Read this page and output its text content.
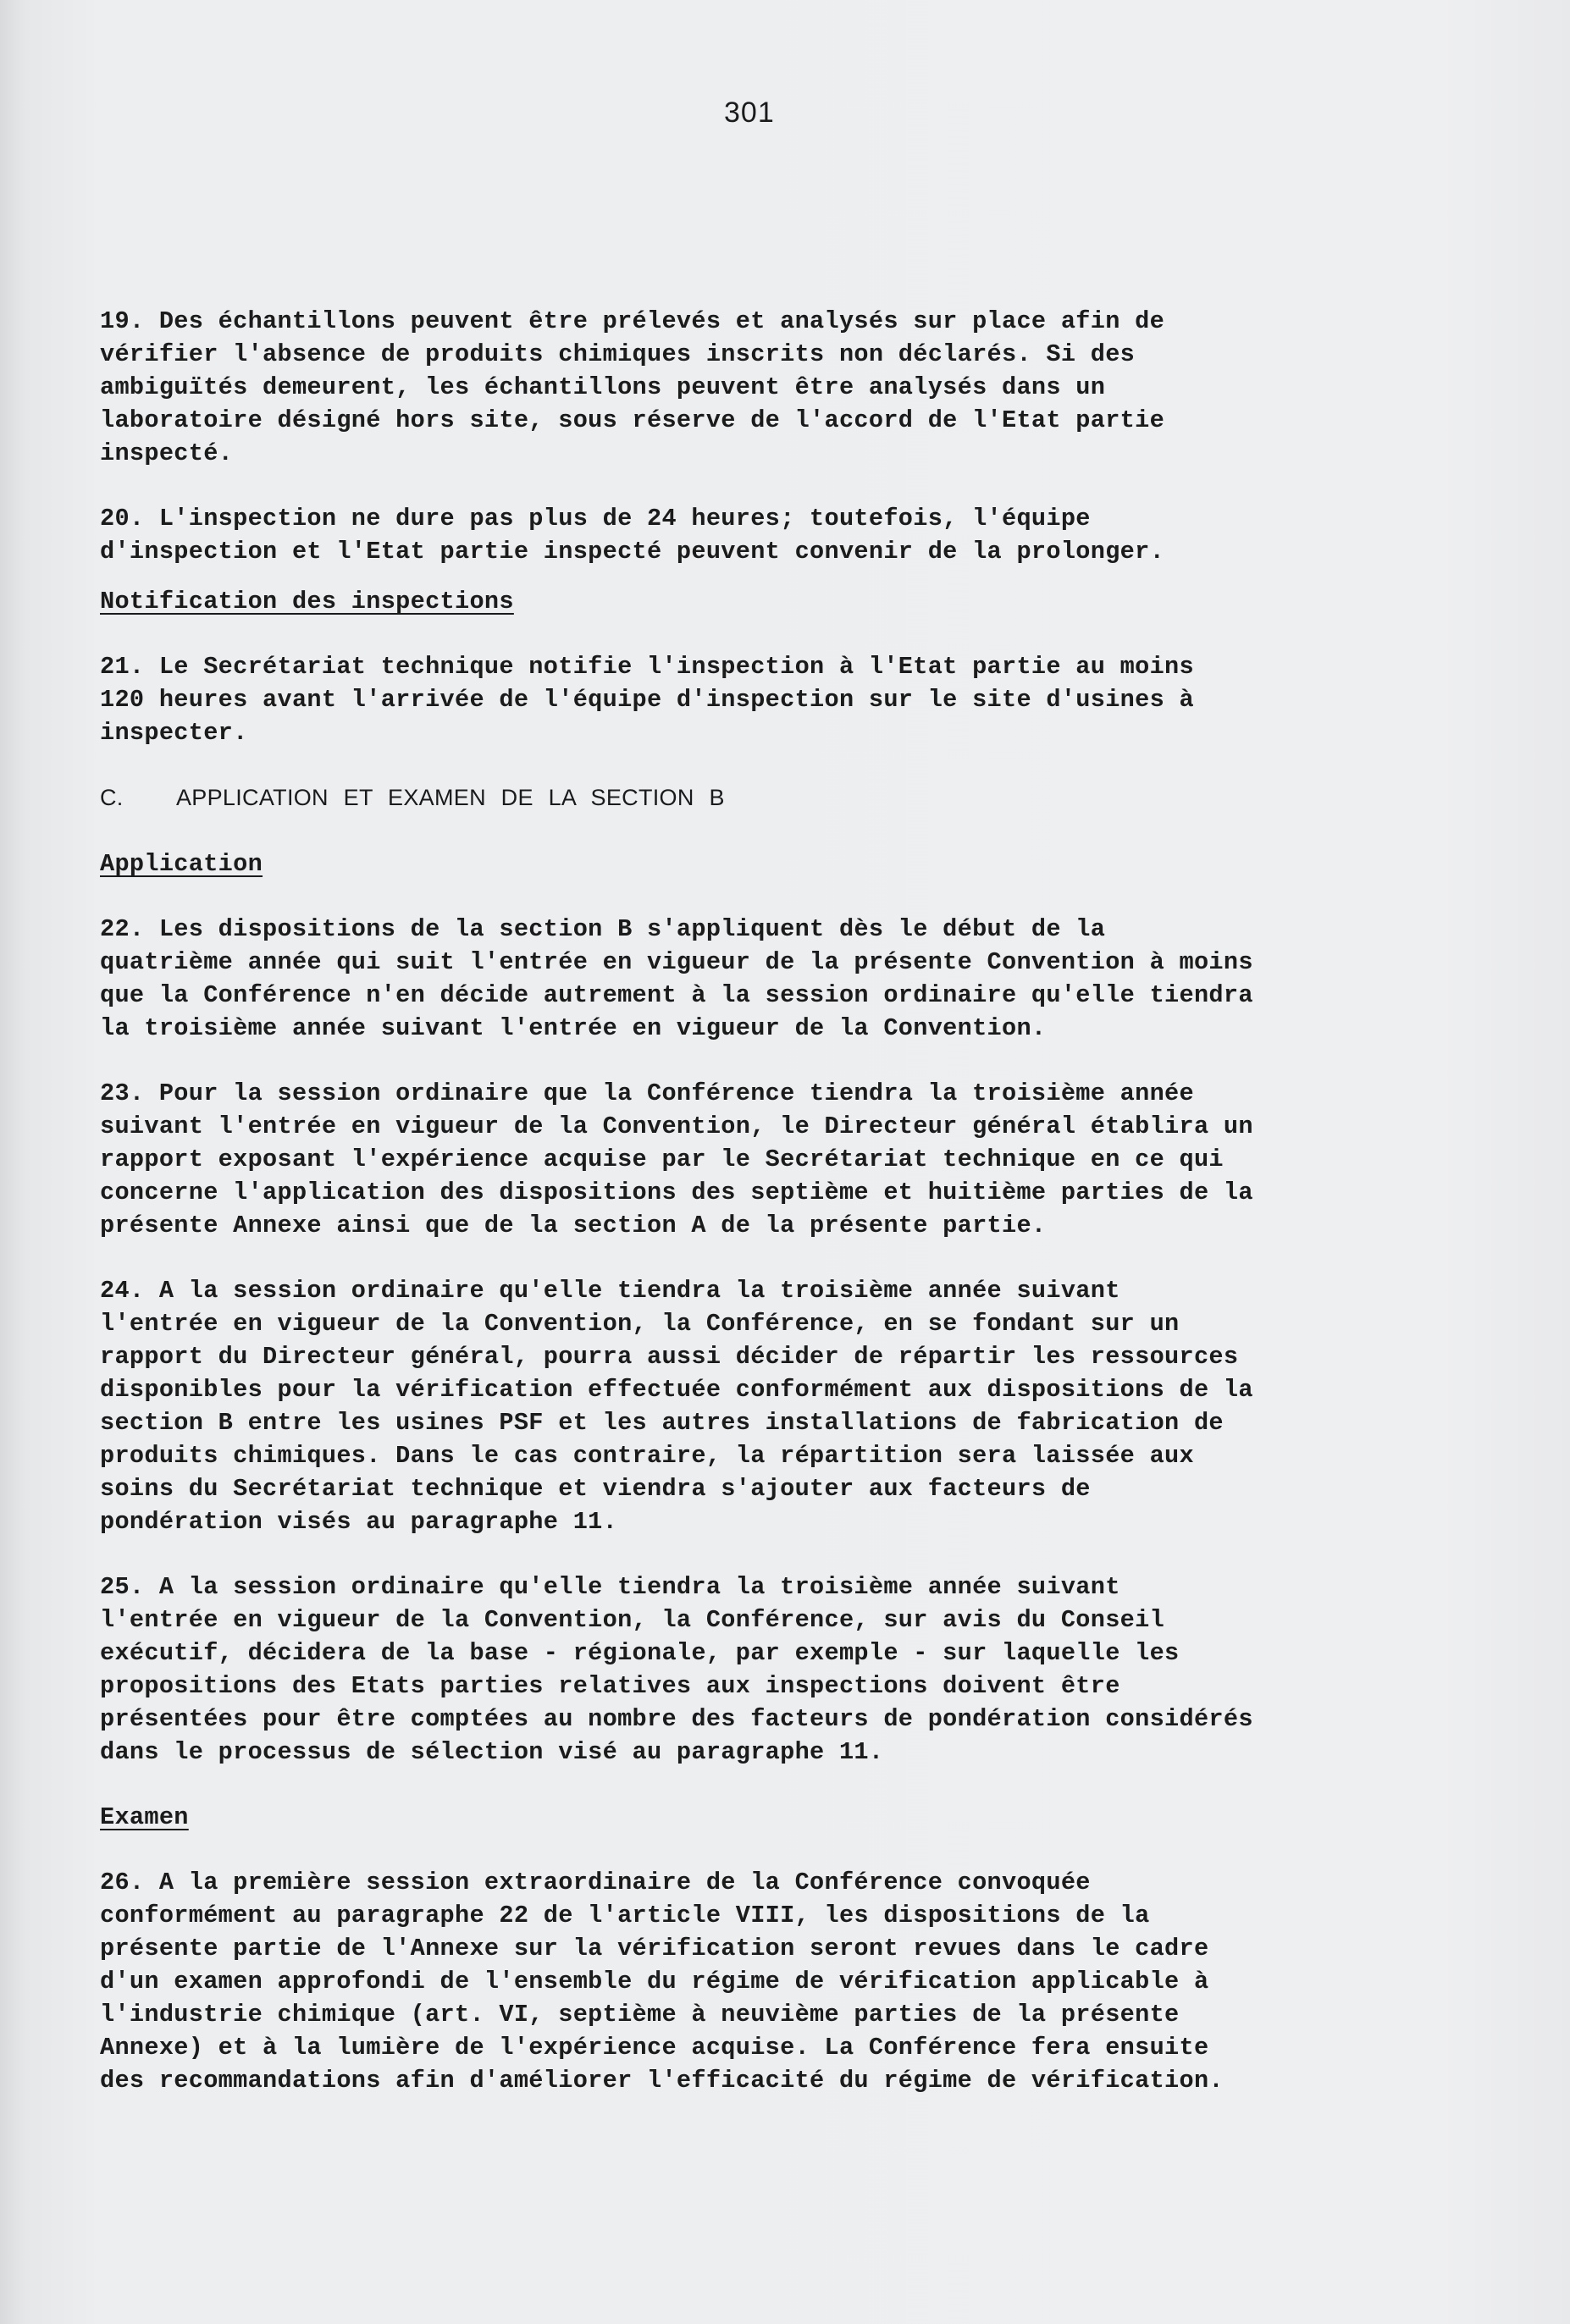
301

19. Des échantillons peuvent être prélevés et analysés sur place afin de
vérifier l'absence de produits chimiques inscrits non déclarés. Si des
ambiguïtés demeurent, les échantillons peuvent être analysés dans un
laboratoire désigné hors site, sous réserve de l'accord de l'Etat partie
inspecté.

20. L'inspection ne dure pas plus de 24 heures; toutefois, l'équipe
d'inspection et l'Etat partie inspecté peuvent convenir de la prolonger.

Notification des inspections

21. Le Secrétariat technique notifie l'inspection à l'Etat partie au moins
120 heures avant l'arrivée de l'équipe d'inspection sur le site d'usines à
inspecter.

C. APPLICATION ET EXAMEN DE LA SECTION B
Application

22. Les dispositions de la section B s'appliquent dès le début de la
quatrième année qui suit l'entrée en vigueur de la présente Convention à moins
que la Conférence n'en décide autrement à la session ordinaire qu'elle tiendra
la troisième année suivant l'entrée en vigueur de la Convention.

23. Pour la session ordinaire que la Conférence tiendra la troisième année
suivant l'entrée en vigueur de la Convention, le Directeur général établira un
rapport exposant l'expérience acquise par le Secrétariat technique en ce qui
concerne l'application des dispositions des septième et huitième parties de la
présente Annexe ainsi que de la section A de la présente partie.

24. A la session ordinaire qu'elle tiendra la troisième année suivant
l'entrée en vigueur de la Convention, la Conférence, en se fondant sur un
rapport du Directeur général, pourra aussi décider de répartir les ressources
disponibles pour la vérification effectuée conformément aux dispositions de la
section B entre les usines PSF et les autres installations de fabrication de
produits chimiques. Dans le cas contraire, la répartition sera laissée aux
soins du Secrétariat technique et viendra s'ajouter aux facteurs de
pondération visés au paragraphe 11.

25. A la session ordinaire qu'elle tiendra la troisième année suivant
l'entrée en vigueur de la Convention, la Conférence, sur avis du Conseil
exécutif, décidera de la base - régionale, par exemple - sur laquelle les
propositions des Etats parties relatives aux inspections doivent être
présentées pour être comptées au nombre des facteurs de pondération considérés
dans le processus de sélection visé au paragraphe 11.

Examen

26. A la première session extraordinaire de la Conférence convoquée
conformément au paragraphe 22 de l'article VIII, les dispositions de la
présente partie de l'Annexe sur la vérification seront revues dans le cadre
d'un examen approfondi de l'ensemble du régime de vérification applicable à
l'industrie chimique (art. VI, septième à neuvième parties de la présente
Annexe) et à la lumière de l'expérience acquise. La Conférence fera ensuite
des recommandations afin d'améliorer l'efficacité du régime de vérification.
